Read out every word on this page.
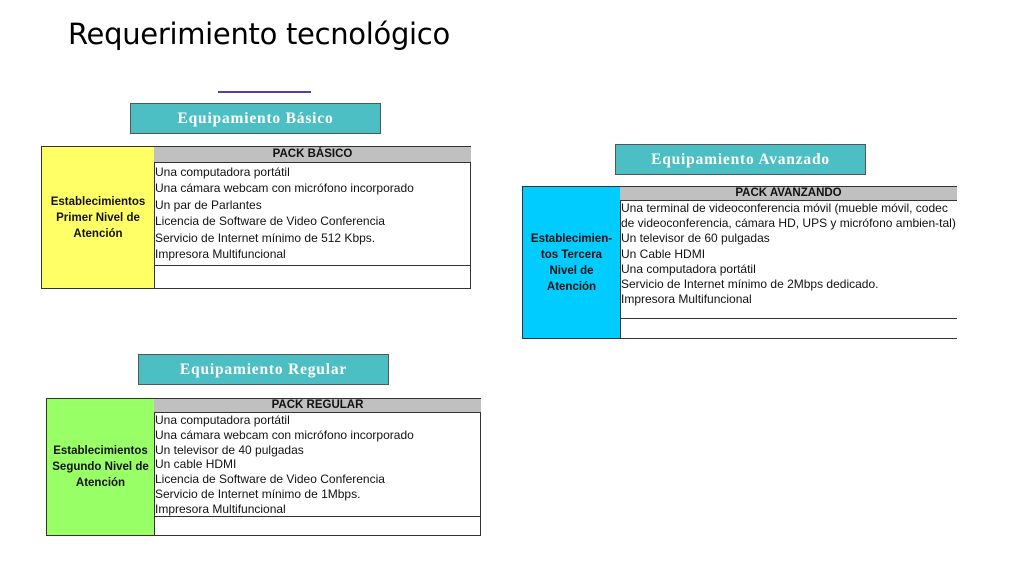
Requerimiento tecnológico
Equipamiento Básico
Establecimientos Primer Nivel de Atención
PACK BÁSICO
Una computadora portátil
Una cámara webcam con micrófono incorporado
Un par de Parlantes
Licencia de Software de Video Conferencia
Servicio de Internet mínimo de 512 Kbps.
Impresora Multifuncional
Equipamiento Avanzado
Establecimien-tos Tercera Nivel de Atención
PACK AVANZANDO
Una terminal de videoconferencia móvil (mueble móvil, codec de videoconferencia, cámara HD, UPS y micrófono ambien-tal)
Un televisor de 60 pulgadas
Un Cable HDMI
Una computadora portátil
Servicio de Internet mínimo de 2Mbps dedicado.
Impresora Multifuncional
Equipamiento Regular
Establecimientos Segundo Nivel de Atención
PACK REGULAR
Una computadora portátil
Una cámara webcam con micrófono incorporado
Un televisor de 40 pulgadas
Un cable HDMI
Licencia de Software de Video Conferencia
Servicio de Internet mínimo de 1Mbps.
Impresora Multifuncional
